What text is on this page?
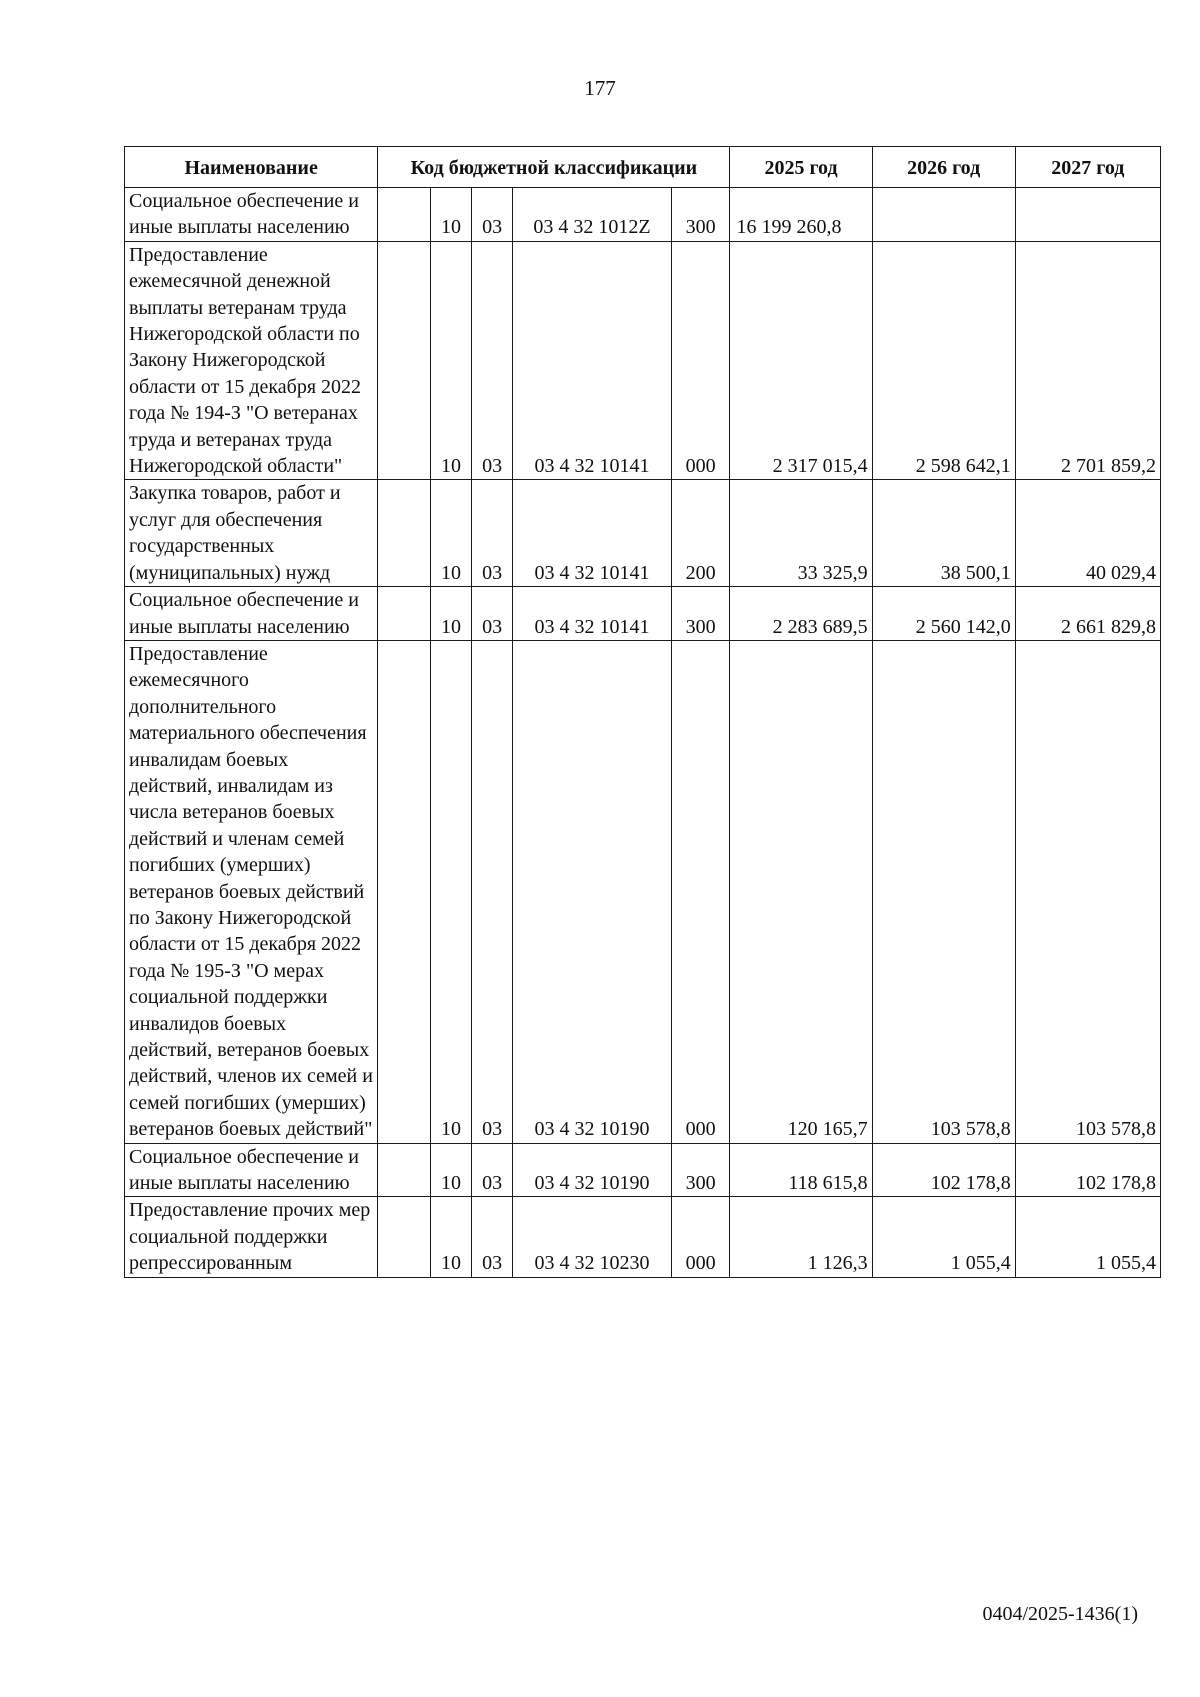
177
Наименование	Код бюджетной классификации					2025 год	2026 год	2027 год
Социальное обеспечение и иные выплаты населению		10	03	03 4 32 1012Z	300	16 199 260,8		
Предоставление ежемесячной денежной выплаты ветеранам труда Нижегородской области по Закону Нижегородской области от 15 декабря 2022 года № 194-З "О ветеранах труда и ветеранах труда Нижегородской области"		10	03	03 4 32 10141	000	2 317 015,4	2 598 642,1	2 701 859,2
Закупка товаров, работ и услуг для обеспечения государственных (муниципальных) нужд		10	03	03 4 32 10141	200	33 325,9	38 500,1	40 029,4
Социальное обеспечение и иные выплаты населению		10	03	03 4 32 10141	300	2 283 689,5	2 560 142,0	2 661 829,8
Предоставление ежемесячного дополнительного материального обеспечения инвалидам боевых действий, инвалидам из числа ветеранов боевых действий и членам семей погибших (умерших) ветеранов боевых действий по Закону Нижегородской области от 15 декабря 2022 года № 195-З "О мерах социальной поддержки инвалидов боевых действий, ветеранов боевых действий, членов их семей и семей погибших (умерших) ветеранов боевых действий"		10	03	03 4 32 10190	000	120 165,7	103 578,8	103 578,8
Социальное обеспечение и иные выплаты населению		10	03	03 4 32 10190	300	118 615,8	102 178,8	102 178,8
Предоставление прочих мер социальной поддержки репрессированным		10	03	03 4 32 10230	000	1 126,3	1 055,4	1 055,4
0404/2025-1436(1)
